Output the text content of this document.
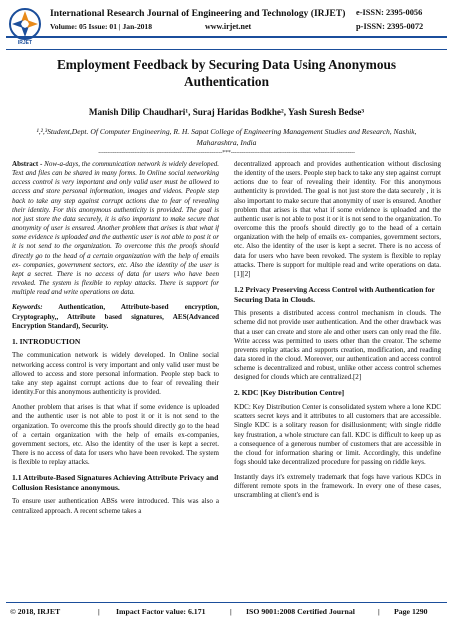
IRJET
International Research Journal of Engineering and Technology (IRJET)
Volume: 05 Issue: 01 | Jan-2018	www.irjet.net
e-ISSN: 2395-0056
p-ISSN: 2395-0072
Employment Feedback by Securing Data Using Anonymous Authentication
Manish Dilip Chaudhari¹, Suraj Haridas Bodkhe², Yash Suresh Bedse³
¹,²,³Student,Dept. Of Computer Engineering, R. H. Sapat College of Engineering Management Studies and Research, Nashik, Maharashtra, India
---------------------------------------------------------------------***---------------------------------------------------------------------

Abstract - Now-a-days, the communication network is widely developed. Text and files can be shared in many forms. In Online social networking access control is very important and only valid user must be allowed to access and store personal information, images and videos. People step back to take any step against corrupt actions due to fear of revealing their identity. For this anonymous authenticity is provided. The goal is not just store the data securely, it is also important to make secure that anonymity of user is ensured. Another problem that arises is that what if some evidence is uploaded and the authentic user is not able to post it or it is not send to the organization. To overcome this the proofs should directly go to the head of a certain organization with the help of emails ex- companies, government sectors, etc. Also the identity of the user is kept a secret. There is no access of data for users who have been revoked. The system is flexible to replay attacks. There is support for multiple read and write operations on data.

Keywords: Authentication, Attribute-based encryption, Cryptography,, Attribute based signatures, AES(Advanced Encryption Standard), Security.

1. INTRODUCTION

The communication network is widely developed. In Online social networking access control is very important and only valid user must be allowed to access and store personal information. People step back to take any step against corrupt actions due to fear of revealing their identity.For this anonymous authenticity is provided.

Another problem that arises is that what if some evidence is uploaded and the authentic user is not able to post it or it is not send to the organization. To overcome this the proofs should directly go to the head of a certain organization with the help of emails ex-companies, government sectors, etc. Also the identity of the user is kept a secret. There is no access of data for users who have been revoked. The system is flexible to replay attacks.

1.1 Attribute-Based Signatures Achieving Attribute Privacy and Collusion Resistance anonymous.

To ensure user authentication ABSs were introduced. This was also a centralized approach. A recent scheme takes a

decentralized approach and provides authentication without disclosing the identity of the users. People step back to take any step against corrupt actions due to fear of revealing their identity. For this anonymous authenticity is provided. The goal is not just store the data securely , it is also important to make secure that anonymity of user is ensured. Another problem that arises is that what if some evidence is uploaded and the authentic user is not able to post it or it is not send to the organization. To overcome this the proofs should directly go to the head of a certain organization with the help of emails ex- companies, government sectors, etc. Also the identity of the user is kept a secret. There is no access of data for users who have been revoked. The system is flexible to replay attacks. There is support for multiple read and write operations on data.[1][2]

1.2 Privacy Preserving Access Control with Authentication for Securing Data in Clouds.

This presents a distributed access control mechanism in clouds. The scheme did not provide user authentication. And the other drawback was that a user can create and store ale and other users can only read the file. Write access was permitted to users other than the creator. The scheme prevents replay attacks and supports creation, modification, and reading data stored in the cloud. Moreover, our authentication and access control scheme is decentralized and robust, unlike other access control schemes designed for clouds which are centralized.[2]

2. KDC [Key Distribution Centre]

KDC: Key Distribution Center is consolidated system where a lone KDC scatters secret keys and it attributes to all customers that are accessible. Single KDC is a solitary reason for disillusionment; with single riddle key frustration, a whole structure can fall. KDC is difficult to keep up as a consequence of a generous number of customers that are accessible in the cloud for information sharing or limit. Accordingly, this undefine fogs should take decentralized procedure for passing on riddle keys.

Instantly days it's extremely trademark that fogs have various KDCs in different remote spots in the framework. In every one of these cases, unscrambling at client's end is

© 2018, IRJET	| Impact Factor value: 6.171	| ISO 9001:2008 Certified Journal	| Page 1290
